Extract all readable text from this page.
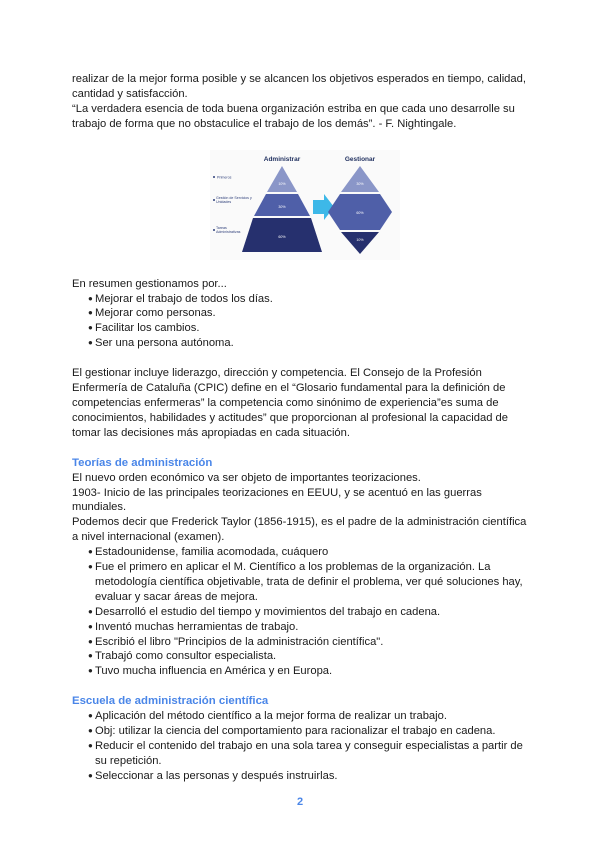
realizar de la mejor forma posible y se alcancen los objetivos esperados en tiempo, calidad,

cantidad y satisfacción.

“La verdadera esencia de toda buena organización estriba en que cada uno desarrolle su
trabajo de forma que no obstaculice el trabajo de los demás”. - F. Nightingale.

Administrar	Gestionar
10%
30%
60%
Primeros
Gestión de Servicios y Unidades
Tareas Administrativas
30%
60%
10%

En resumen gestionamos por...

● Mejorar el trabajo de todos los días.
● Mejorar como personas.
● Facilitar los cambios.
● Ser una persona autónoma.

El gestionar incluye liderazgo, dirección y competencia. El Consejo de la Profesión
Enfermería de Cataluña (CPIC) define en el “Glosario fundamental para la definición de
competencias enfermeras” la competencia como sinónimo de experiencia”es suma de
conocimientos, habilidades y actitudes” que proporcionan al profesional la capacidad de
tomar las decisiones más apropiadas en cada situación.

Teorías de administración

El nuevo orden económico va ser objeto de importantes teorizaciones.

1903- Inicio de las principales teorizaciones en EEUU, y se acentuó en las guerras
mundiales.

Podemos decir que Frederick Taylor (1856-1915), es el padre de la administración científica
a nivel internacional (examen).

● Estadounidense, familia acomodada, cuáquero
● Fue el primero en aplicar el M. Científico a los problemas de la organización. La metodología científica objetivable, trata de definir el problema, ver qué soluciones hay, evaluar y sacar áreas de mejora.
● Desarrolló el estudio del tiempo y movimientos del trabajo en cadena.
● Inventó muchas herramientas de trabajo.
● Escribió el libro "Principios de la administración científica".
● Trabajó como consultor especialista.
● Tuvo mucha influencia en América y en Europa.

Escuela de administración científica

● Aplicación del método científico a la mejor forma de realizar un trabajo.
● Obj: utilizar la ciencia del comportamiento para racionalizar el trabajo en cadena.
● Reducir el contenido del trabajo en una sola tarea y conseguir especialistas a partir de su repetición.
● Seleccionar a las personas y después instruirlas.
2
